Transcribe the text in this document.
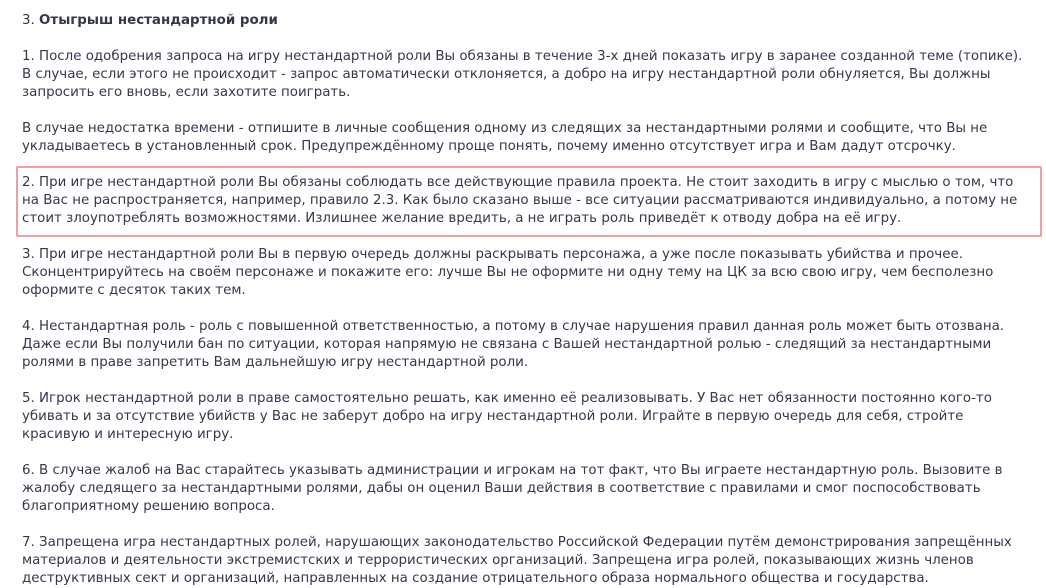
3. Отыгрыш нестандартной роли
1. После одобрения запроса на игру нестандартной роли Вы обязаны в течение 3-х дней показать игру в заранее созданной теме (топике). В случае, если этого не происходит - запрос автоматически отклоняется, а добро на игру нестандартной роли обнуляется, Вы должны запросить его вновь, если захотите поиграть.
В случае недостатка времени - отпишите в личные сообщения одному из следящих за нестандартными ролями и сообщите, что Вы не укладываетесь в установленный срок. Предупреждённому проще понять, почему именно отсутствует игра и Вам дадут отсрочку.
2. При игре нестандартной роли Вы обязаны соблюдать все действующие правила проекта. Не стоит заходить в игру с мыслью о том, что на Вас не распространяется, например, правило 2.3. Как было сказано выше - все ситуации рассматриваются индивидуально, а потому не стоит злоупотреблять возможностями. Излишнее желание вредить, а не играть роль приведёт к отводу добра на её игру.
3. При игре нестандартной роли Вы в первую очередь должны раскрывать персонажа, а уже после показывать убийства и прочее. Сконцентрируйтесь на своём персонаже и покажите его: лучше Вы не оформите ни одну тему на ЦК за всю свою игру, чем бесполезно оформите с десяток таких тем.
4. Нестандартная роль - роль с повышенной ответственностью, а потому в случае нарушения правил данная роль может быть отозвана. Даже если Вы получили бан по ситуации, которая напрямую не связана с Вашей нестандартной ролью - следящий за нестандартными ролями в праве запретить Вам дальнейшую игру нестандартной роли.
5. Игрок нестандартной роли в праве самостоятельно решать, как именно её реализовывать. У Вас нет обязанности постоянно кого-то убивать и за отсутствие убийств у Вас не заберут добро на игру нестандартной роли. Играйте в первую очередь для себя, стройте красивую и интересную игру.
6. В случае жалоб на Вас старайтесь указывать администрации и игрокам на тот факт, что Вы играете нестандартную роль. Вызовите в жалобу следящего за нестандартными ролями, дабы он оценил Ваши действия в соответствие с правилами и смог поспособствовать благоприятному решению вопроса.
7. Запрещена игра нестандартных ролей, нарушающих законодательство Российской Федерации путём демонстрирования запрещённых материалов и деятельности экстремистских и террористических организаций. Запрещена игра ролей, показывающих жизнь членов деструктивных сект и организаций, направленных на создание отрицательного образа нормального общества и государства.
